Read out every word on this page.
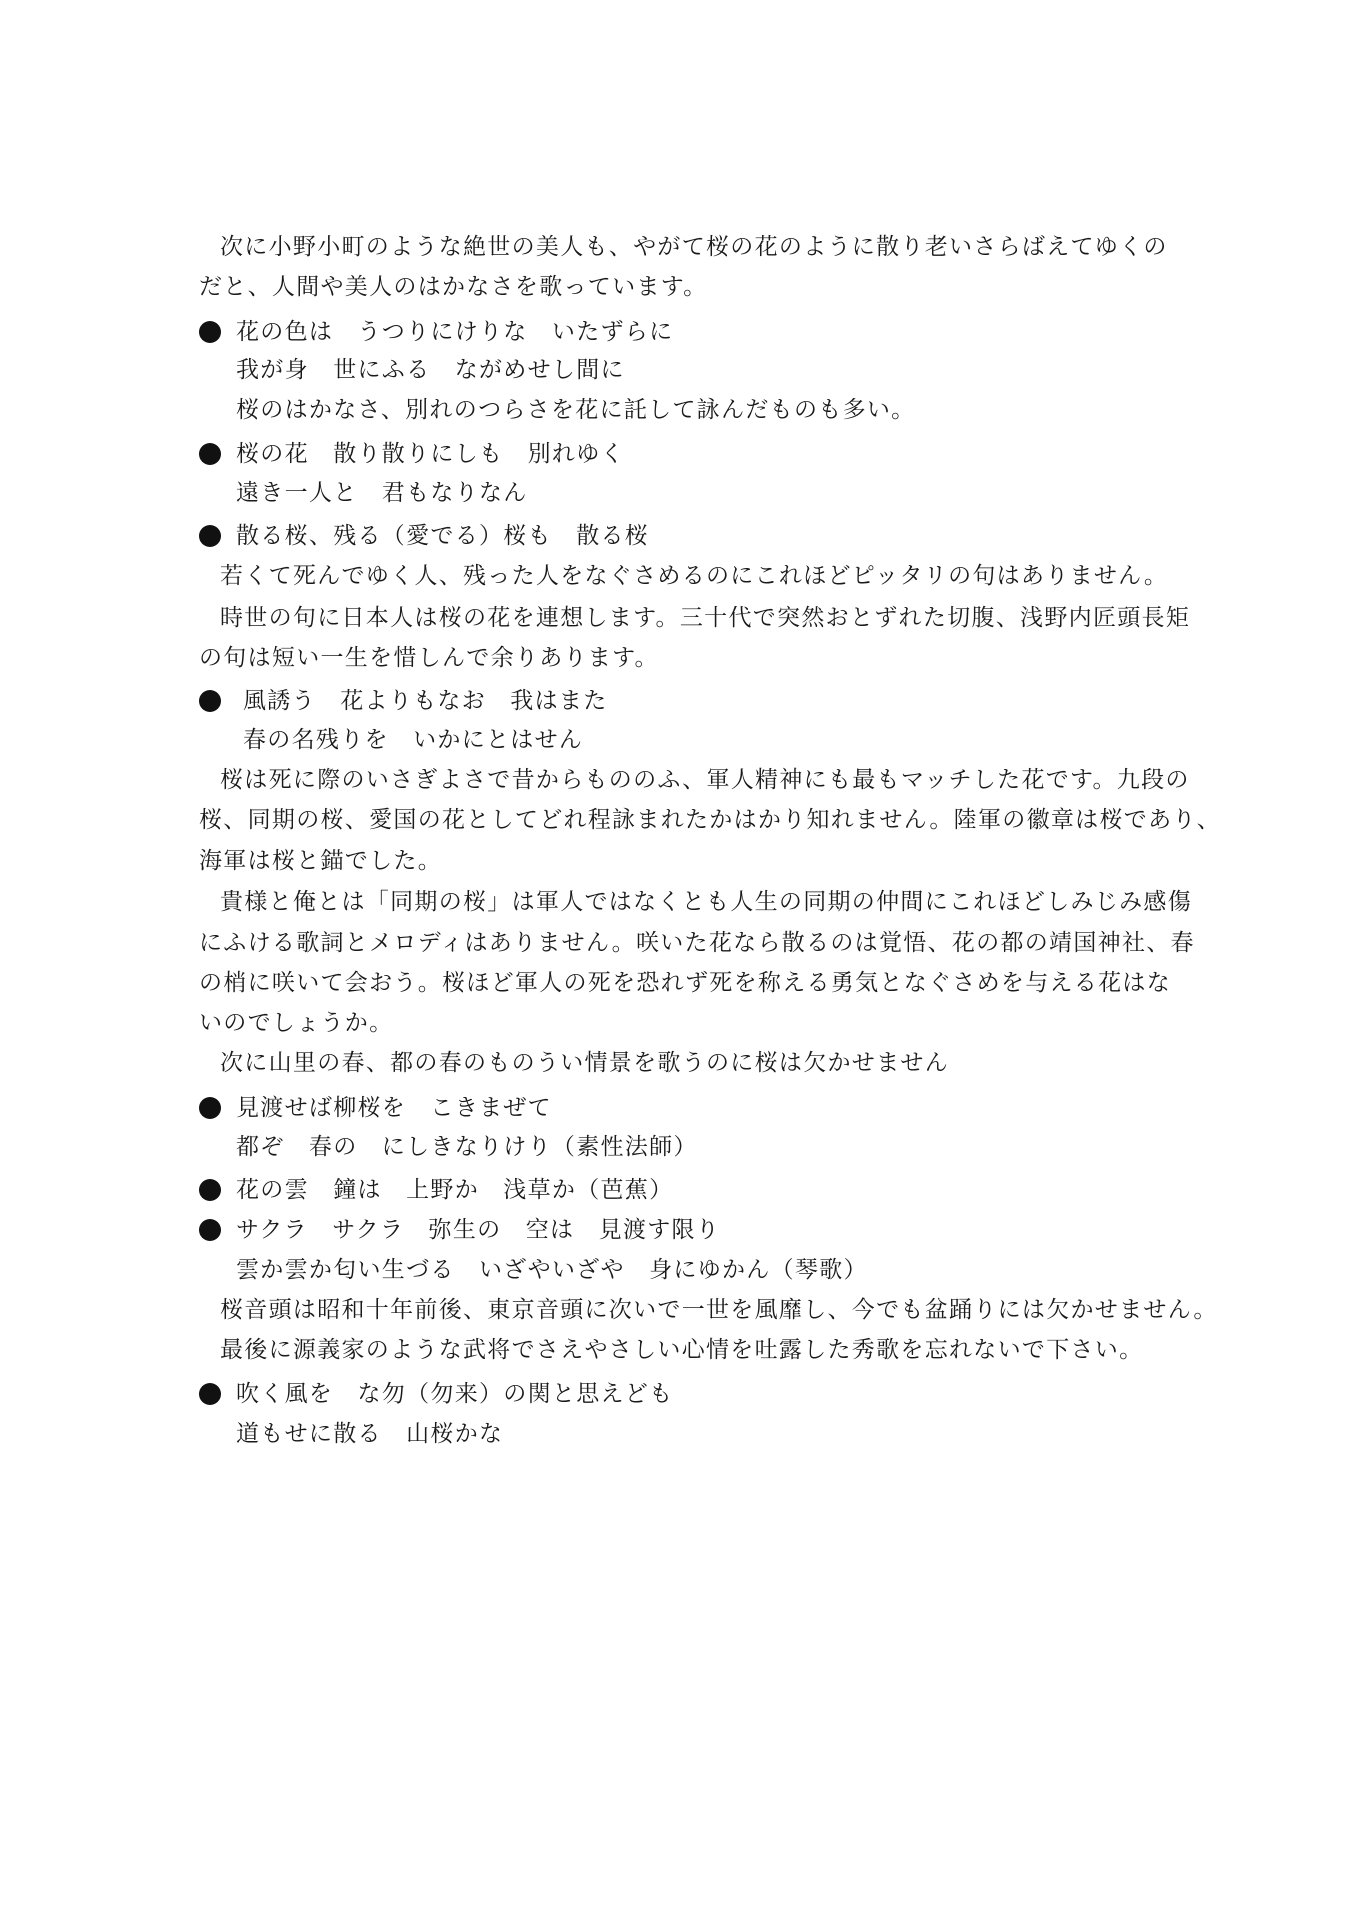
次に小野小町のような絶世の美人も、やがて桜の花のように散り老いさらばえてゆくの
だと、人間や美人のはかなさを歌っています。
花の色は　うつりにけりな　いたずらに
我が身　世にふる　ながめせし間に
桜のはかなさ、別れのつらさを花に託して詠んだものも多い。
桜の花　散り散りにしも　別れゆく
遠き一人と　君もなりなん
散る桜、残る（愛でる）桜も　散る桜
若くて死んでゆく人、残った人をなぐさめるのにこれほどピッタリの句はありません。
時世の句に日本人は桜の花を連想します。三十代で突然おとずれた切腹、浅野内匠頭長矩
の句は短い一生を惜しんで余りあります。
風誘う　花よりもなお　我はまた
春の名残りを　いかにとはせん
桜は死に際のいさぎよさで昔からもののふ、軍人精神にも最もマッチした花です。九段の
桜、同期の桜、愛国の花としてどれ程詠まれたかはかり知れません。陸軍の徽章は桜であり、
海軍は桜と錨でした。
貴様と俺とは「同期の桜」は軍人ではなくとも人生の同期の仲間にこれほどしみじみ感傷
にふける歌詞とメロディはありません。咲いた花なら散るのは覚悟、花の都の靖国神社、春
の梢に咲いて会おう。桜ほど軍人の死を恐れず死を称える勇気となぐさめを与える花はな
いのでしょうか。
次に山里の春、都の春のものうい情景を歌うのに桜は欠かせません
見渡せば柳桜を　こきまぜて
都ぞ　春の　にしきなりけり（素性法師）
花の雲　鐘は　上野か　浅草か（芭蕉）
サクラ　サクラ　弥生の　空は　見渡す限り
雲か雲か匂い生づる　いざやいざや　身にゆかん（琴歌）
桜音頭は昭和十年前後、東京音頭に次いで一世を風靡し、今でも盆踊りには欠かせません。
最後に源義家のような武将でさえやさしい心情を吐露した秀歌を忘れないで下さい。
吹く風を　な勿（勿来）の関と思えども
道もせに散る　山桜かな
